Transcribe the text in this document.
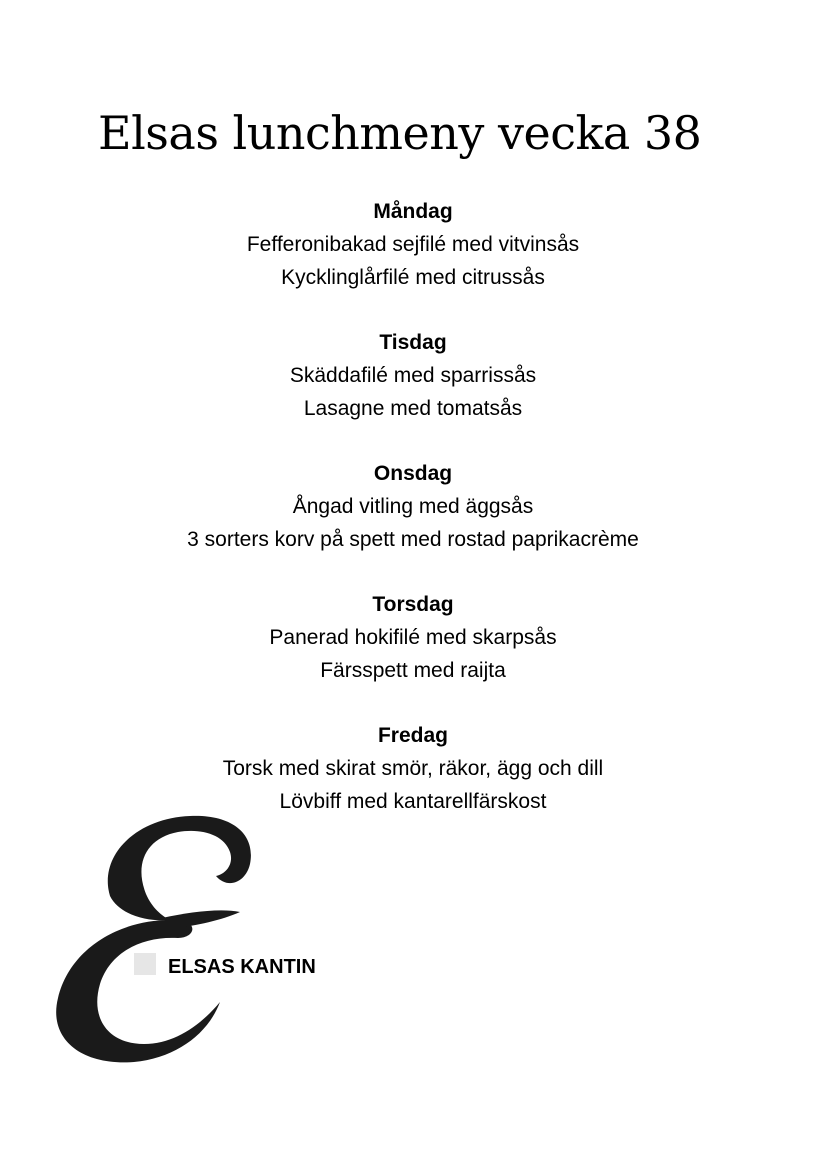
Elsas lunchmeny vecka 38
Måndag
Fefferonibakad sejfilé med vitvinsås
Kycklinglårfilé med citrussås
Tisdag
Skäddafilé med sparrissås
Lasagne med tomatsås
Onsdag
Ångad vitling med äggsås
3 sorters korv på spett med rostad paprikacrème
Torsdag
Panerad hokifilé med skarpsås
Färsspett med raijta
Fredag
Torsk med skirat smör, räkor, ägg och dill
Lövbiff med kantarellfärskost
ELSAS KANTIN
